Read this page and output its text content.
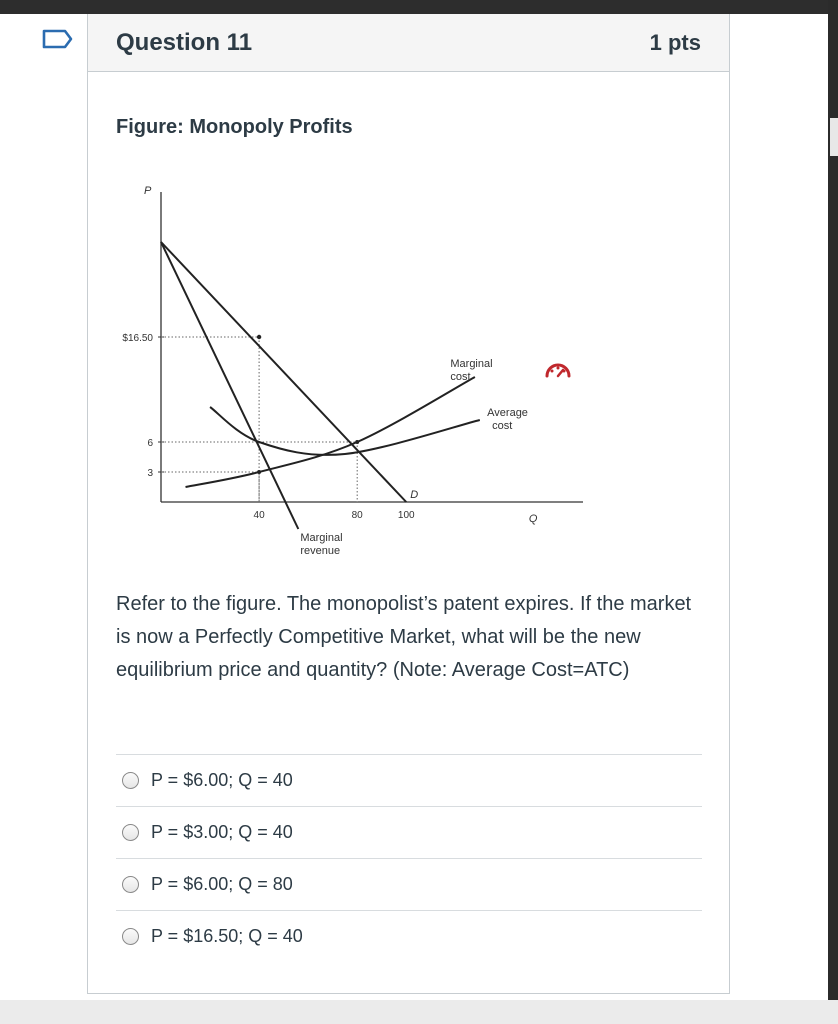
Question 11	1 pts
Figure: Monopoly Profits
P
Q
$16.50
6
3
40	80	100
D
Marginal
revenue
Marginal
cost
Average
cost
Refer to the figure. The monopolist’s patent expires. If the market is now a Perfectly Competitive Market, what will be the new equilibrium price and quantity? (Note: Average Cost=ATC)
P = $6.00; Q = 40
P = $3.00; Q = 40
P = $6.00; Q = 80
P = $16.50; Q = 40
